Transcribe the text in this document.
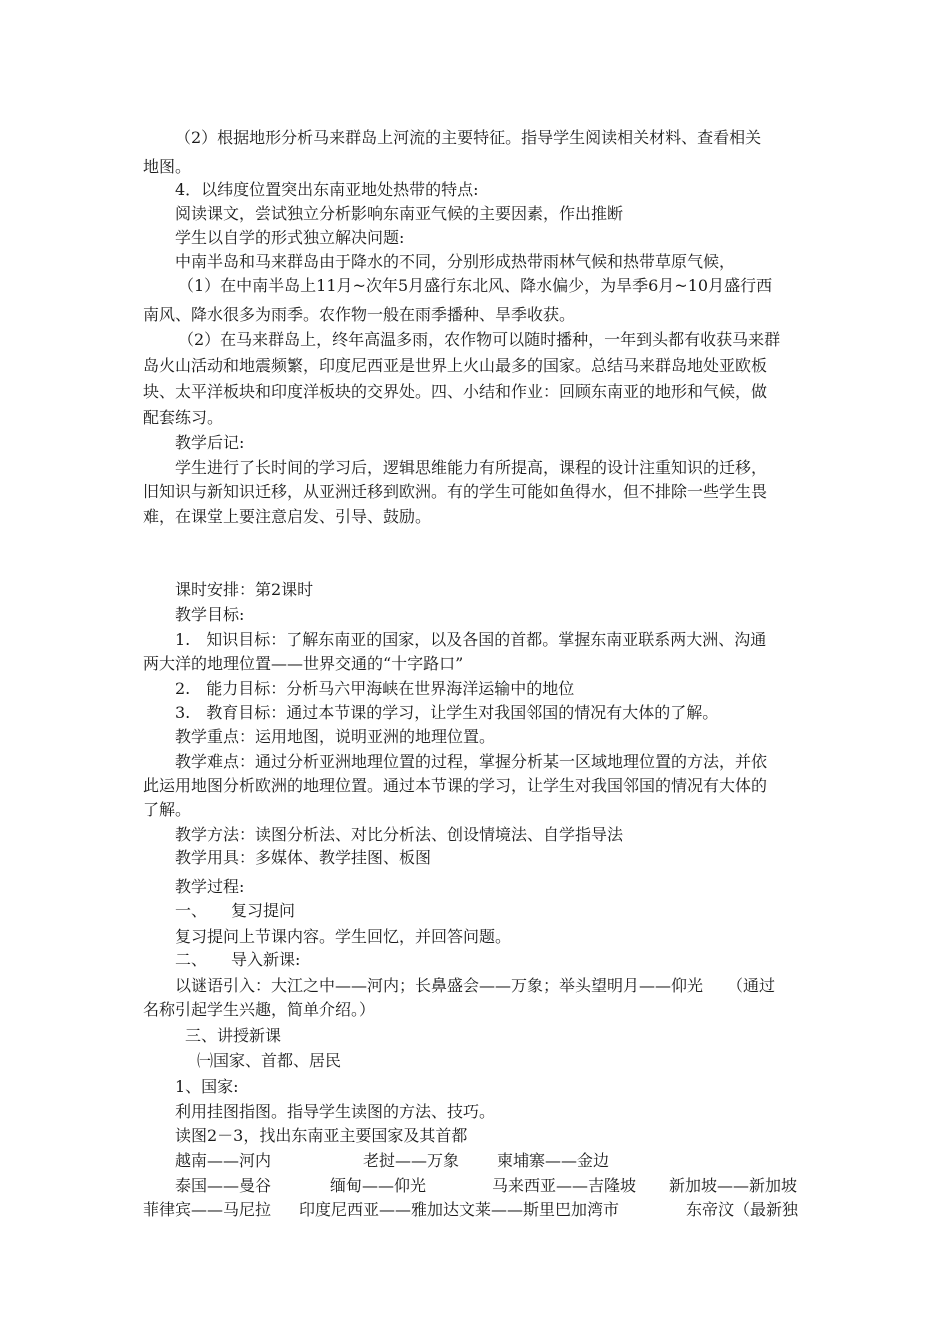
（2）根据地形分析马来群岛上河流的主要特征。指导学生阅读相关材料、查看相关
地图。
4．以纬度位置突出东南亚地处热带的特点:
阅读课文，尝试独立分析影响东南亚气候的主要因素，作出推断
学生以自学的形式独立解决问题:
中南半岛和马来群岛由于降水的不同，分别形成热带雨林气候和热带草原气候，
（1）在中南半岛上11月~次年5月盛行东北风、降水偏少，为旱季6月~10月盛行西
南风、降水很多为雨季。农作物一般在雨季播种、旱季收获。
（2）在马来群岛上，终年高温多雨，农作物可以随时播种，一年到头都有收获马来群
岛火山活动和地震频繁，印度尼西亚是世界上火山最多的国家。总结马来群岛地处亚欧板
块、太平洋板块和印度洋板块的交界处。四、小结和作业：回顾东南亚的地形和气候，做
配套练习。
教学后记:
学生进行了长时间的学习后，逻辑思维能力有所提高，课程的设计注重知识的迁移，
旧知识与新知识迁移，从亚洲迁移到欧洲。有的学生可能如鱼得水，但不排除一些学生畏
难，在课堂上要注意启发、引导、鼓励。
课时安排：第2课时
教学目标:
1.　知识目标：了解东南亚的国家，以及各国的首都。掌握东南亚联系两大洲、沟通
两大洋的地理位置——世界交通的“十字路口”
2.　能力目标：分析马六甲海峡在世界海洋运输中的地位
3.　教育目标：通过本节课的学习，让学生对我国邻国的情况有大体的了解。
教学重点：运用地图，说明亚洲的地理位置。
教学难点：通过分析亚洲地理位置的过程，掌握分析某一区域地理位置的方法，并依
此运用地图分析欧洲的地理位置。通过本节课的学习，让学生对我国邻国的情况有大体的
了解。
教学方法：读图分析法、对比分析法、创设情境法、自学指导法
教学用具：多媒体、教学挂图、板图
教学过程:
一、　　复习提问
复习提问上节课内容。学生回忆，并回答问题。
二、　　导入新课:
以谜语引入：大江之中——河内；长鼻盛会——万象；举头望明月——仰光　　（通过
名称引起学生兴趣，简单介绍。）
三、讲授新课
㈠国家、首都、居民
1、国家:
利用挂图指图。指导学生读图的方法、技巧。
读图2－3，找出东南亚主要国家及其首都
越南——河内	老挝——万象 柬埔寨——金边
泰国——曼谷	缅甸——仰光	马来西亚——吉隆坡 新加坡——新加坡
菲律宾——马尼拉 印度尼西亚——雅加达文莱——斯里巴加湾市	东帝汶（最新独
